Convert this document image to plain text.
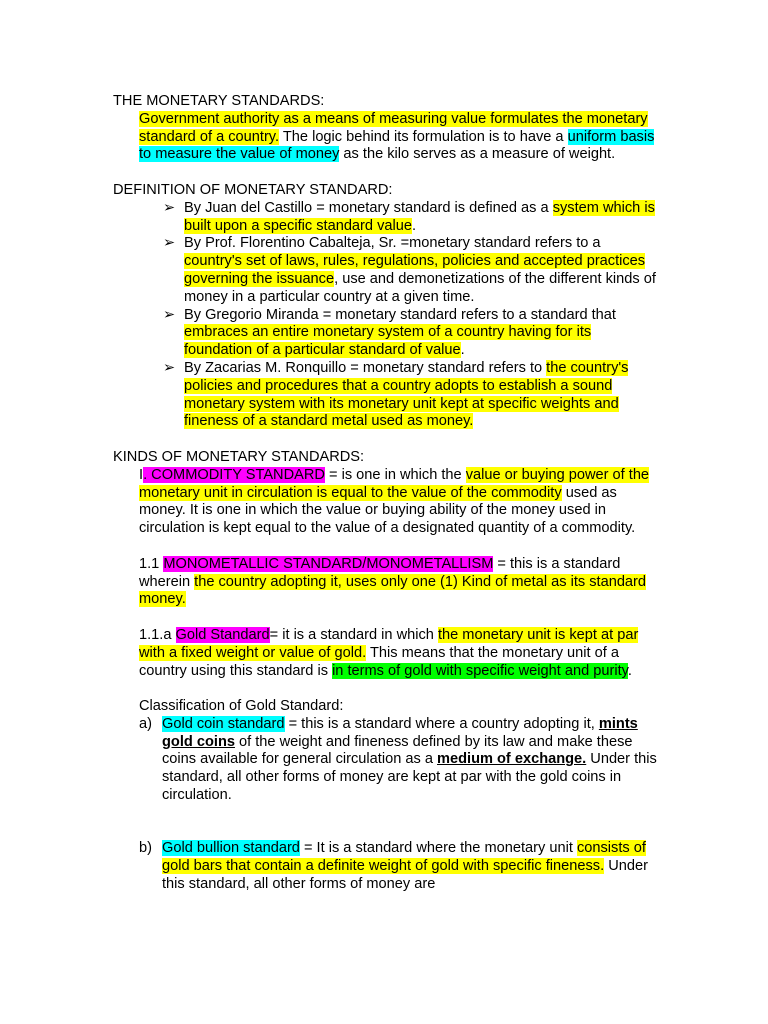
THE MONETARY STANDARDS:

Government authority as a means of measuring value formulates the monetary standard of a country. The logic behind its formulation is to have a uniform basis to measure the value of money as the kilo serves as a measure of weight.

DEFINITION OF MONETARY STANDARD:

➢ By Juan del Castillo = monetary standard is defined as a system which is built upon a specific standard value.
➢ By Prof. Florentino Cabalteja, Sr. =monetary standard refers to a country's set of laws, rules, regulations, policies and accepted practices governing the issuance, use and demonetizations of the different kinds of money in a particular country at a given time.
➢ By Gregorio Miranda = monetary standard refers to a standard that embraces an entire monetary system of a country having for its foundation of a particular standard of value.
➢ By Zacarias M. Ronquillo = monetary standard refers to the country's policies and procedures that a country adopts to establish a sound monetary system with its monetary unit kept at specific weights and fineness of a standard metal used as money.

KINDS OF MONETARY STANDARDS:

I. COMMODITY STANDARD = is one in which the value or buying power of the monetary unit in circulation is equal to the value of the commodity used as money. It is one in which the value or buying ability of the money used in circulation is kept equal to the value of a designated quantity of a commodity.

1.1 MONOMETALLIC STANDARD/MONOMETALLISM = this is a standard wherein the country adopting it, uses only one (1) Kind of metal as its standard money.

1.1.a Gold Standard= it is a standard in which the monetary unit is kept at par with a fixed weight or value of gold. This means that the monetary unit of a country using this standard is in terms of gold with specific weight and purity.

Classification of Gold Standard:

a) Gold coin standard = this is a standard where a country adopting it, mints gold coins of the weight and fineness defined by its law and make these coins available for general circulation as a medium of exchange. Under this standard, all other forms of money are kept at par with the gold coins in circulation.
b) Gold bullion standard = It is a standard where the monetary unit consists of gold bars that contain a definite weight of gold with specific fineness. Under this standard, all other forms of money are
